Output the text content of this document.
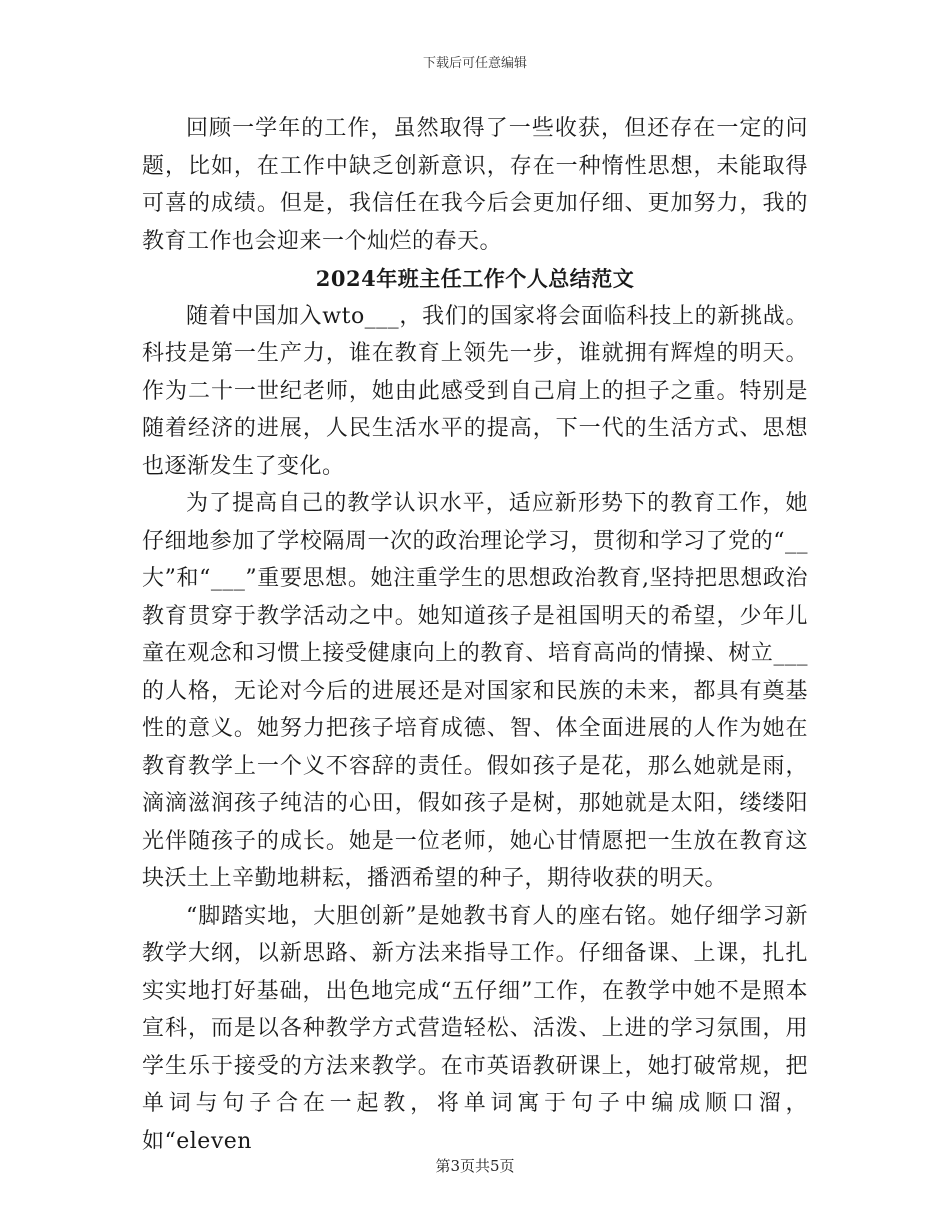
下载后可任意编辑

回顾一学年的工作，虽然取得了一些收获，但还存在一定的问题，比如，在工作中缺乏创新意识，存在一种惰性思想，未能取得可喜的成绩。但是，我信任在我今后会更加仔细、更加努力，我的教育工作也会迎来一个灿烂的春天。

2024年班主任工作个人总结范文

随着中国加入wto___，我们的国家将会面临科技上的新挑战。科技是第一生产力，谁在教育上领先一步，谁就拥有辉煌的明天。作为二十一世纪老师，她由此感受到自己肩上的担子之重。特别是随着经济的进展，人民生活水平的提高，下一代的生活方式、思想也逐渐发生了变化。

为了提高自己的教学认识水平，适应新形势下的教育工作，她仔细地参加了学校隔周一次的政治理论学习，贯彻和学习了党的“__大”和“___”重要思想。她注重学生的思想政治教育,坚持把思想政治教育贯穿于教学活动之中。她知道孩子是祖国明天的希望，少年儿童在观念和习惯上接受健康向上的教育、培育高尚的情操、树立___的人格，无论对今后的进展还是对国家和民族的未来，都具有奠基性的意义。她努力把孩子培育成德、智、体全面进展的人作为她在教育教学上一个义不容辞的责任。假如孩子是花，那么她就是雨，滴滴滋润孩子纯洁的心田，假如孩子是树，那她就是太阳，缕缕阳光伴随孩子的成长。她是一位老师，她心甘情愿把一生放在教育这块沃土上辛勤地耕耘，播洒希望的种子，期待收获的明天。

“脚踏实地，大胆创新”是她教书育人的座右铭。她仔细学习新教学大纲，以新思路、新方法来指导工作。仔细备课、上课，扎扎实实地打好基础，出色地完成“五仔细”工作，在教学中她不是照本宣科，而是以各种教学方式营造轻松、活泼、上进的学习氛围，用学生乐于接受的方法来教学。在市英语教研课上，她打破常规，把单词与句子合在一起教，将单词寓于句子中编成顺口溜，如“eleven

第3页共5页
